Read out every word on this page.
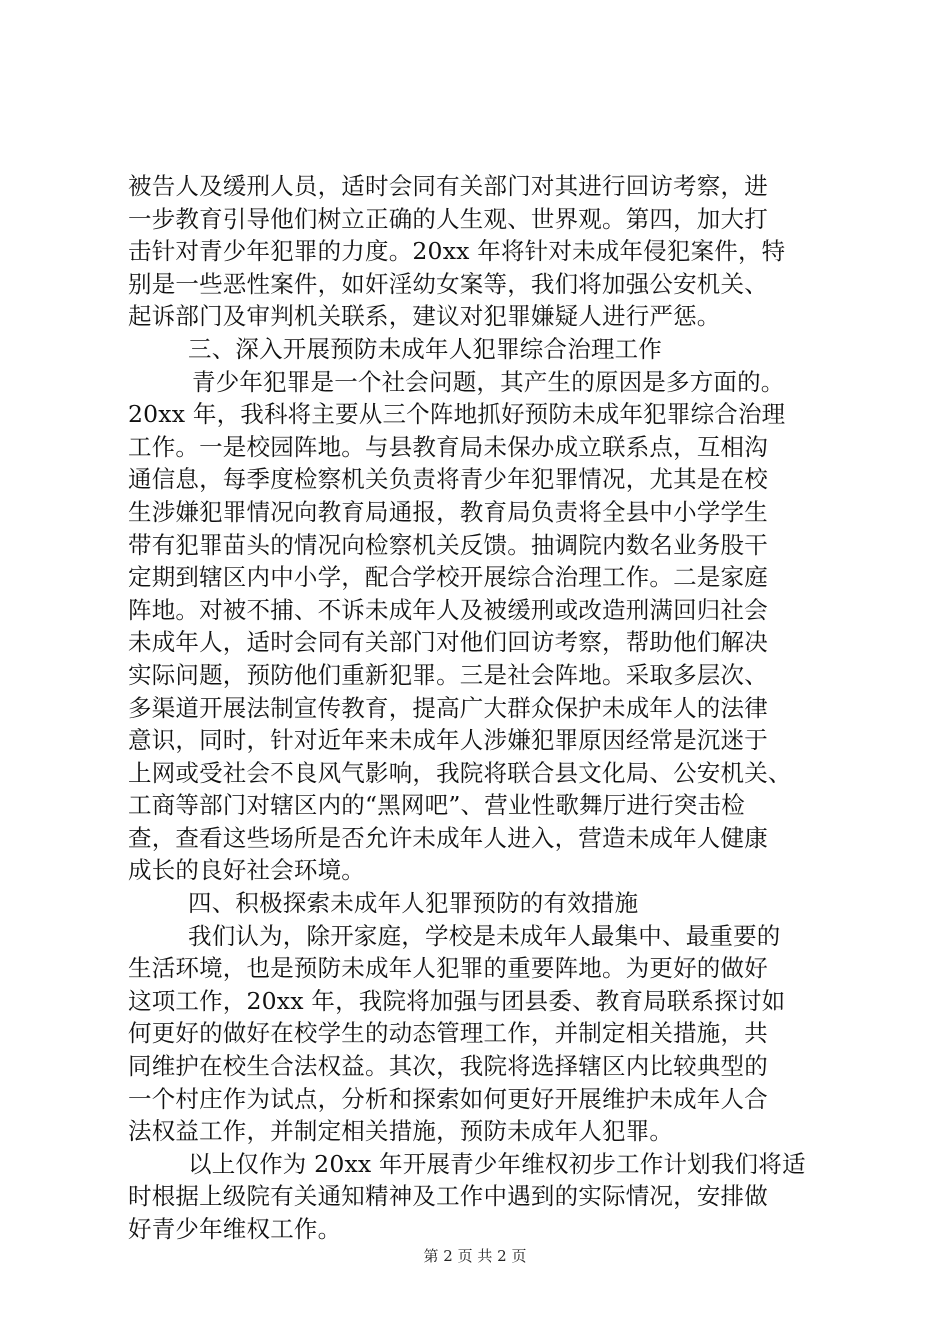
被告人及缓刑人员，适时会同有关部门对其进行回访考察，进
一步教育引导他们树立正确的人生观、世界观。第四，加大打
击针对青少年犯罪的力度。20xx 年将针对未成年侵犯案件，特
别是一些恶性案件，如奸淫幼女案等，我们将加强公安机关、
起诉部门及审判机关联系，建议对犯罪嫌疑人进行严惩。
三、深入开展预防未成年人犯罪综合治理工作
青少年犯罪是一个社会问题，其产生的原因是多方面的。
20xx 年，我科将主要从三个阵地抓好预防未成年犯罪综合治理
工作。一是校园阵地。与县教育局未保办成立联系点，互相沟
通信息，每季度检察机关负责将青少年犯罪情况，尤其是在校
生涉嫌犯罪情况向教育局通报，教育局负责将全县中小学学生
带有犯罪苗头的情况向检察机关反馈。抽调院内数名业务股干
定期到辖区内中小学，配合学校开展综合治理工作。二是家庭
阵地。对被不捕、不诉未成年人及被缓刑或改造刑满回归社会
未成年人，适时会同有关部门对他们回访考察，帮助他们解决
实际问题，预防他们重新犯罪。三是社会阵地。采取多层次、
多渠道开展法制宣传教育，提高广大群众保护未成年人的法律
意识，同时，针对近年来未成年人涉嫌犯罪原因经常是沉迷于
上网或受社会不良风气影响，我院将联合县文化局、公安机关、
工商等部门对辖区内的“黑网吧”、营业性歌舞厅进行突击检
查，查看这些场所是否允许未成年人进入，营造未成年人健康
成长的良好社会环境。
四、积极探索未成年人犯罪预防的有效措施
我们认为，除开家庭，学校是未成年人最集中、最重要的
生活环境，也是预防未成年人犯罪的重要阵地。为更好的做好
这项工作，20xx 年，我院将加强与团县委、教育局联系探讨如
何更好的做好在校学生的动态管理工作，并制定相关措施，共
同维护在校生合法权益。其次，我院将选择辖区内比较典型的
一个村庄作为试点，分析和探索如何更好开展维护未成年人合
法权益工作，并制定相关措施，预防未成年人犯罪。
以上仅作为 20xx 年开展青少年维权初步工作计划我们将适
时根据上级院有关通知精神及工作中遇到的实际情况，安排做
好青少年维权工作。
第 2 页 共 2 页
